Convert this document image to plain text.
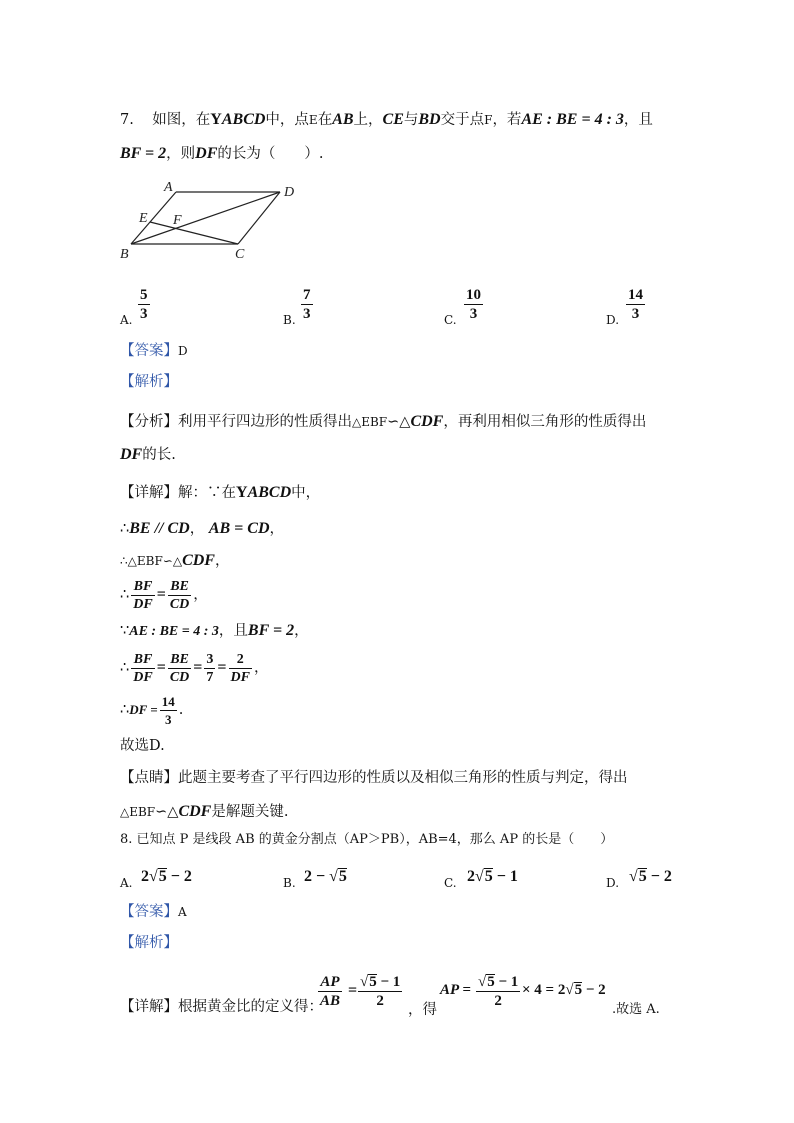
7. 如图，在YABCD中，点E在AB上，CE与BD交于点F，若AE : BE = 4 : 3，且
BF = 2，则DF的长为（　　）.
A	D
E F
B	C
A. $\frac{5}{3}$	B. $\frac{7}{3}$	C. $\frac{10}{3}$	D. $\frac{14}{3}$
【答案】D
【解析】
【分析】利用平行四边形的性质得出△EBF∽△CDF，再利用相似三角形的性质得出
DF的长.
【详解】解：∵在YABCD中，
∴BE // CD， AB = CD，
∴△EBF∽△CDF，
∴ $\frac{BF}{DF} = \frac{BE}{CD}$ ，
∵AE : BE = 4 : 3，且BF = 2，
∴ $\frac{BF}{DF} = \frac{BE}{CD} = \frac{3}{7} = \frac{2}{DF}$ ，
∴DF = $\frac{14}{3}$ .
故选D.
【点睛】此题主要考查了平行四边形的性质以及相似三角形的性质与判定，得出
△EBF∽△CDF是解题关键.
8. 已知点 P 是线段 AB 的黄金分割点（AP＞PB），AB=4，那么 AP 的长是（　　）
A. 2√5 − 2	B. 2 − √5	C. 2√5 − 1	D. √5 − 2
【答案】A
【解析】
【详解】根据黄金比的定义得：
$\frac{AP}{AB} = \frac{√5 - 1}{2}$ ，得
AP = $\frac{√5 - 1}{2} \times 4 = 2√5 - 2$
.故选 A.
